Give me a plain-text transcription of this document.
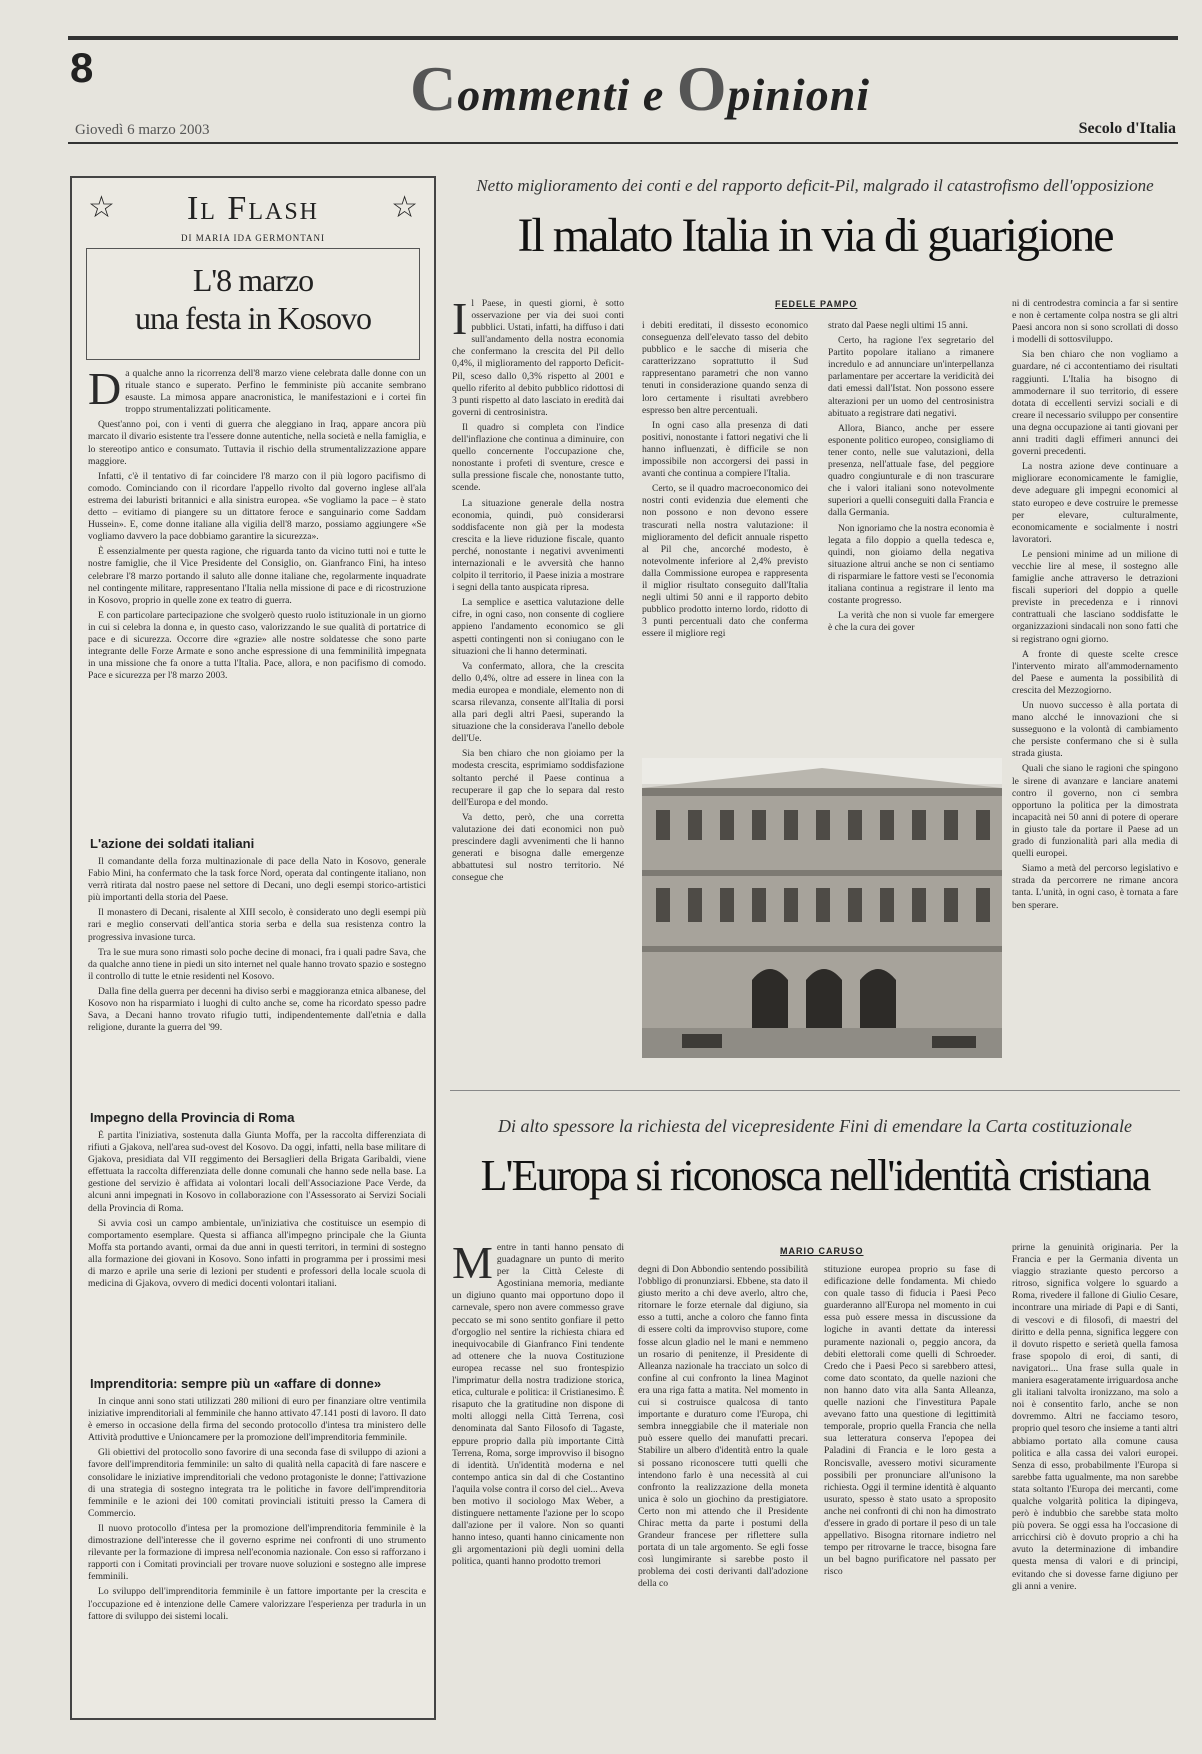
8	Commenti e Opinioni
Giovedì 6 marzo 2003	Secolo d'Italia
☆	☆
Il Flash
DI MARIA IDA GERMONTANI
L'8 marzo
una festa in Kosovo

Da qualche anno la ricorrenza dell'8 marzo viene celebrata dalle donne con un rituale stanco e superato. Perfino le femministe più accanite sembrano esauste. La mimosa appare anacronistica, le manifestazioni e i cortei fin troppo strumentalizzati politicamente.

Quest'anno poi, con i venti di guerra che aleggiano in Iraq, appare ancora più marcato il divario esistente tra l'essere donne autentiche, nella società e nella famiglia, e lo stereotipo antico e consumato. Tuttavia il rischio della strumentalizzazione appare maggiore.

Infatti, c'è il tentativo di far coincidere l'8 marzo con il più logoro pacifismo di comodo. Cominciando con il ricordare l'appello rivolto dal governo inglese all'ala estrema dei laburisti britannici e alla sinistra europea. «Se vogliamo la pace – è stato detto – evitiamo di piangere su un dittatore feroce e sanguinario come Saddam Hussein». E, come donne italiane alla vigilia dell'8 marzo, possiamo aggiungere «Se vogliamo davvero la pace dobbiamo garantire la sicurezza».

È essenzialmente per questa ragione, che riguarda tanto da vicino tutti noi e tutte le nostre famiglie, che il Vice Presidente del Consiglio, on. Gianfranco Fini, ha inteso celebrare l'8 marzo portando il saluto alle donne italiane che, regolarmente inquadrate nel contingente militare, rappresentano l'Italia nella missione di pace e di ricostruzione in Kosovo, proprio in quelle zone ex teatro di guerra.

E con particolare partecipazione che svolgerò questo ruolo istituzionale in un giorno in cui si celebra la donna e, in questo caso, valorizzando le sue qualità di portatrice di pace e di sicurezza. Occorre dire «grazie» alle nostre soldatesse che sono parte integrante delle Forze Armate e sono anche espressione di una femminilità impegnata in una missione che fa onore a tutta l'Italia. Pace, allora, e non pacifismo di comodo. Pace e sicurezza per l'8 marzo 2003.

L'azione dei soldati italiani

Il comandante della forza multinazionale di pace della Nato in Kosovo, generale Fabio Mini, ha confermato che la task force Nord, operata dal contingente italiano, non verrà ritirata dal nostro paese nel settore di Decani, uno degli esempi storico-artistici più importanti della storia del Paese.

Il monastero di Decani, risalente al XIII secolo, è considerato uno degli esempi più rari e meglio conservati dell'antica storia serba e della sua resistenza contro la progressiva invasione turca.

Tra le sue mura sono rimasti solo poche decine di monaci, fra i quali padre Sava, che da qualche anno tiene in piedi un sito internet nel quale hanno trovato spazio e sostegno il controllo di tutte le etnie residenti nel Kosovo.

Dalla fine della guerra per decenni ha diviso serbi e maggioranza etnica albanese, del Kosovo non ha risparmiato i luoghi di culto anche se, come ha ricordato spesso padre Sava, a Decani hanno trovato rifugio tutti, indipendentemente dall'etnia e dalla religione, durante la guerra del '99.

Impegno della Provincia di Roma

È partita l'iniziativa, sostenuta dalla Giunta Moffa, per la raccolta differenziata di rifiuti a Gjakova, nell'area sud-ovest del Kosovo. Da oggi, infatti, nella base militare di Gjakova, presidiata dal VII reggimento dei Bersaglieri della Brigata Garibaldi, viene effettuata la raccolta differenziata delle donne comunali che hanno sede nella base. La gestione del servizio è affidata ai volontari locali dell'Associazione Pace Verde, da alcuni anni impegnati in Kosovo in collaborazione con l'Assessorato ai Servizi Sociali della Provincia di Roma.

Si avvia così un campo ambientale, un'iniziativa che costituisce un esempio di comportamento esemplare. Questa si affianca all'impegno principale che la Giunta Moffa sta portando avanti, ormai da due anni in questi territori, in termini di sostegno alla formazione dei giovani in Kosovo. Sono infatti in programma per i prossimi mesi di marzo e aprile una serie di lezioni per studenti e professori della locale scuola di medicina di Gjakova, ovvero di medici docenti volontari italiani.

Imprenditoria: sempre più un «affare di donne»

In cinque anni sono stati utilizzati 280 milioni di euro per finanziare oltre ventimila iniziative imprenditoriali al femminile che hanno attivato 47.141 posti di lavoro. Il dato è emerso in occasione della firma del secondo protocollo d'intesa tra ministero delle Attività produttive e Unioncamere per la promozione dell'imprenditoria femminile.

Gli obiettivi del protocollo sono favorire di una seconda fase di sviluppo di azioni a favore dell'imprenditoria femminile: un salto di qualità nella capacità di fare nascere e consolidare le iniziative imprenditoriali che vedono protagoniste le donne; l'attivazione di una strategia di sostegno integrata tra le politiche in favore dell'imprenditoria femminile e le azioni dei 100 comitati provinciali istituiti presso la Camera di Commercio.

Il nuovo protocollo d'intesa per la promozione dell'imprenditoria femminile è la dimostrazione dell'interesse che il governo esprime nei confronti di uno strumento rilevante per la formazione di impresa nell'economia nazionale. Con esso si rafforzano i rapporti con i Comitati provinciali per trovare nuove soluzioni e sostegno alle imprese femminili.

Lo sviluppo dell'imprenditoria femminile è un fattore importante per la crescita e l'occupazione ed è intenzione delle Camere valorizzare l'esperienza per tradurla in un fattore di sviluppo dei sistemi locali.

Netto miglioramento dei conti e del rapporto deficit-Pil, malgrado il catastrofismo dell'opposizione
Il malato Italia in via di guarigione

Il Paese, in questi giorni, è sotto osservazione per via dei suoi conti pubblici. Ustati, infatti, ha diffuso i dati sull'andamento della nostra economia che confermano la crescita del Pil dello 0,4%, il miglioramento del rapporto Deficit-Pil, sceso dallo 0,3% rispetto al 2001 e quello riferito al debito pubblico ridottosi di 3 punti rispetto al dato lasciato in eredità dai governi di centrosinistra.

Il quadro si completa con l'indice dell'inflazione che continua a diminuire, con quello concernente l'occupazione che, nonostante i profeti di sventure, cresce e sulla pressione fiscale che, nonostante tutto, scende.

La situazione generale della nostra economia, quindi, può considerarsi soddisfacente non già per la modesta crescita e la lieve riduzione fiscale, quanto perché, nonostante i negativi avvenimenti internazionali e le avversità che hanno colpito il territorio, il Paese inizia a mostrare i segni della tanto auspicata ripresa.

La semplice e asettica valutazione delle cifre, in ogni caso, non consente di cogliere appieno l'andamento economico se gli aspetti contingenti non si coniugano con le situazioni che li hanno determinati.

Va confermato, allora, che la crescita dello 0,4%, oltre ad essere in linea con la media europea e mondiale, elemento non di scarsa rilevanza, consente all'Italia di porsi alla pari degli altri Paesi, superando la situazione che la considerava l'anello debole dell'Ue.

Sia ben chiaro che non gioiamo per la modesta crescita, esprimiamo soddisfazione soltanto perché il Paese continua a recuperare il gap che lo separa dal resto dell'Europa e del mondo.

Va detto, però, che una corretta valutazione dei dati economici non può prescindere dagli avvenimenti che li hanno generati e bisogna dalle emergenze abbattutesi sul nostro territorio. Né consegue che

FEDELE PAMPO

i debiti ereditati, il dissesto economico conseguenza dell'elevato tasso del debito pubblico e le sacche di miseria che caratterizzano soprattutto il Sud rappresentano parametri che non vanno tenuti in considerazione quando senza di loro certamente i risultati avrebbero espresso ben altre percentuali.

In ogni caso alla presenza di dati positivi, nonostante i fattori negativi che li hanno influenzati, è difficile se non impossibile non accorgersi dei passi in avanti che continua a compiere l'Italia.

Certo, se il quadro macroeconomico dei nostri conti evidenzia due elementi che non possono e non devono essere trascurati nella nostra valutazione: il miglioramento del deficit annuale rispetto al Pil che, ancorché modesto, è notevolmente inferiore al 2,4% previsto dalla Commissione europea e rappresenta il miglior risultato conseguito dall'Italia negli ultimi 50 anni e il rapporto debito pubblico prodotto interno lordo, ridotto di 3 punti percentuali dato che conferma essere il migliore regi

strato dal Paese negli ultimi 15 anni.

Certo, ha ragione l'ex segretario del Partito popolare italiano a rimanere incredulo e ad annunciare un'interpellanza parlamentare per accertare la veridicità dei dati emessi dall'Istat. Non possono essere alterazioni per un uomo del centrosinistra abituato a registrare dati negativi.

Allora, Bianco, anche per essere esponente politico europeo, consigliamo di tener conto, nelle sue valutazioni, della presenza, nell'attuale fase, del peggiore quadro congiunturale e di non trascurare che i valori italiani sono notevolmente superiori a quelli conseguiti dalla Francia e dalla Germania.

Non ignoriamo che la nostra economia è legata a filo doppio a quella tedesca e, quindi, non gioiamo della negativa situazione altrui anche se non ci sentiamo di risparmiare le fattore vesti se l'economia italiana continua a registrare il lento ma costante progresso.

La verità che non si vuole far emergere è che la cura dei gover

ni di centrodestra comincia a far si sentire e non è certamente colpa nostra se gli altri Paesi ancora non si sono scrollati di dosso i modelli di sottosviluppo.

Sia ben chiaro che non vogliamo a guardare, né ci accontentiamo dei risultati raggiunti. L'Italia ha bisogno di ammodernare il suo territorio, di essere dotata di eccellenti servizi sociali e di creare il necessario sviluppo per consentire una degna occupazione ai tanti giovani per anni traditi dagli effimeri annunci dei governi precedenti.

La nostra azione deve continuare a migliorare economicamente le famiglie, deve adeguare gli impegni economici al stato europeo e deve costruire le premesse per elevare, culturalmente, economicamente e socialmente i nostri lavoratori.

Le pensioni minime ad un milione di vecchie lire al mese, il sostegno alle famiglie anche attraverso le detrazioni fiscali superiori del doppio a quelle previste in precedenza e i rinnovi contrattuali che lasciano soddisfatte le organizzazioni sindacali non sono fatti che si registrano ogni giorno.

A fronte di queste scelte cresce l'intervento mirato all'ammodernamento del Paese e aumenta la possibilità di crescita del Mezzogiorno.

Un nuovo successo è alla portata di mano alcché le innovazioni che si susseguono e la volontà di cambiamento che persiste confermano che si è sulla strada giusta.

Quali che siano le ragioni che spingono le sirene di avanzare e lanciare anatemi contro il governo, non ci sembra opportuno la politica per la dimostrata incapacità nei 50 anni di potere di operare in giusto tale da portare il Paese ad un grado di funzionalità pari alla media di quelli europei.

Siamo a metà del percorso legislativo e strada da percorrere ne rimane ancora tanta. L'unità, in ogni caso, è tornata a fare ben sperare.

Di alto spessore la richiesta del vicepresidente Fini di emendare la Carta costituzionale
L'Europa si riconosca nell'identità cristiana
MARIO CARUSO

Mentre in tanti hanno pensato di guadagnare un punto di merito per la Città Celeste di Agostiniana memoria, mediante un digiuno quanto mai opportuno dopo il carnevale, spero non avere commesso grave peccato se mi sono sentito gonfiare il petto d'orgoglio nel sentire la richiesta chiara ed inequivocabile di Gianfranco Fini tendente ad ottenere che la nuova Costituzione europea recasse nel suo frontespizio l'imprimatur della nostra tradizione storica, etica, culturale e politica: il Cristianesimo. È risaputo che la gratitudine non dispone di molti alloggi nella Città Terrena, così denominata dal Santo Filosofo di Tagaste, eppure proprio dalla più importante Città Terrena, Roma, sorge improvviso il bisogno di identità. Un'identità moderna e nel contempo antica sin dal di che Costantino l'aquila volse contra il corso del ciel... Aveva ben motivo il sociologo Max Weber, a distinguere nettamente l'azione per lo scopo dall'azione per il valore. Non so quanti hanno inteso, quanti hanno cinicamente non gli argomentazioni più degli uomini della politica, quanti hanno prodotto tremori

degni di Don Abbondio sentendo possibilità l'obbligo di pronunziarsi. Ebbene, sta dato il giusto merito a chi deve averlo, altro che, ritornare le forze eternale dal digiuno, sia esso a tutti, anche a coloro che fanno finta di essere colti da improvviso stupore, come fosse alcun gladio nel le mani e nemmeno un rosario di penitenze, il Presidente di Alleanza nazionale ha tracciato un solco di confine al cui confronto la linea Maginot era una riga fatta a matita. Nel momento in cui si costruisce qualcosa di tanto importante e duraturo come l'Europa, chi sembra inneggiabile che il materiale non può essere quello dei manufatti precari. Stabilire un albero d'identità entro la quale si possano riconoscere tutti quelli che intendono farlo è una necessità al cui confronto la realizzazione della moneta unica è solo un giochino da prestigiatore. Certo non mi attendo che il Presidente Chirac metta da parte i postumi della Grandeur francese per riflettere sulla portata di un tale argomento. Se egli fosse così lungimirante si sarebbe posto il problema dei costi derivanti dall'adozione della co

stituzione europea proprio su fase di edificazione delle fondamenta. Mi chiedo con quale tasso di fiducia i Paesi Peco guarderanno all'Europa nel momento in cui essa può essere messa in discussione da logiche in avanti dettate da interessi puramente nazionali o, peggio ancora, da debiti elettorali come quelli di Schroeder. Credo che i Paesi Peco si sarebbero attesi, come dato scontato, da quelle nazioni che non hanno dato vita alla Santa Alleanza, quelle nazioni che l'investitura Papale avevano fatto una questione di legittimità temporale, proprio quella Francia che nella sua letteratura conserva l'epopea dei Paladini di Francia e le loro gesta a Roncisvalle, avessero motivi sicuramente possibili per pronunciare all'unisono la richiesta. Oggi il termine identità è alquanto usurato, spesso è stato usato a sproposito anche nei confronti di chi non ha dimostrato d'essere in grado di portare il peso di un tale appellativo. Bisogna ritornare indietro nel tempo per ritrovarne le tracce, bisogna fare un bel bagno purificatore nel passato per risco

prirne la genuinità originaria. Per la Francia e per la Germania diventa un viaggio straziante questo percorso a ritroso, significa volgere lo sguardo a Roma, rivedere il fallone di Giulio Cesare, incontrare una miriade di Papi e di Santi, di vescovi e di filosofi, di maestri del diritto e della penna, significa leggere con il dovuto rispetto e serietà quella famosa frase spopolo di eroi, di santi, di navigatori... Una frase sulla quale in maniera esageratamente irriguardosa anche gli italiani talvolta ironizzano, ma solo a noi è consentito farlo, anche se non dovremmo. Altri ne facciamo tesoro, proprio quel tesoro che insieme a tanti altri abbiamo portato alla comune causa politica e alla cassa dei valori europei. Senza di esso, probabilmente l'Europa si sarebbe fatta ugualmente, ma non sarebbe stata soltanto l'Europa dei mercanti, come qualche volgarità politica la dipingeva, però è indubbio che sarebbe stata molto più povera. Se oggi essa ha l'occasione di arricchirsi ciò è dovuto proprio a chi ha avuto la determinazione di imbandire questa mensa di valori e di principi, evitando che si dovesse farne digiuno per gli anni a venire.
